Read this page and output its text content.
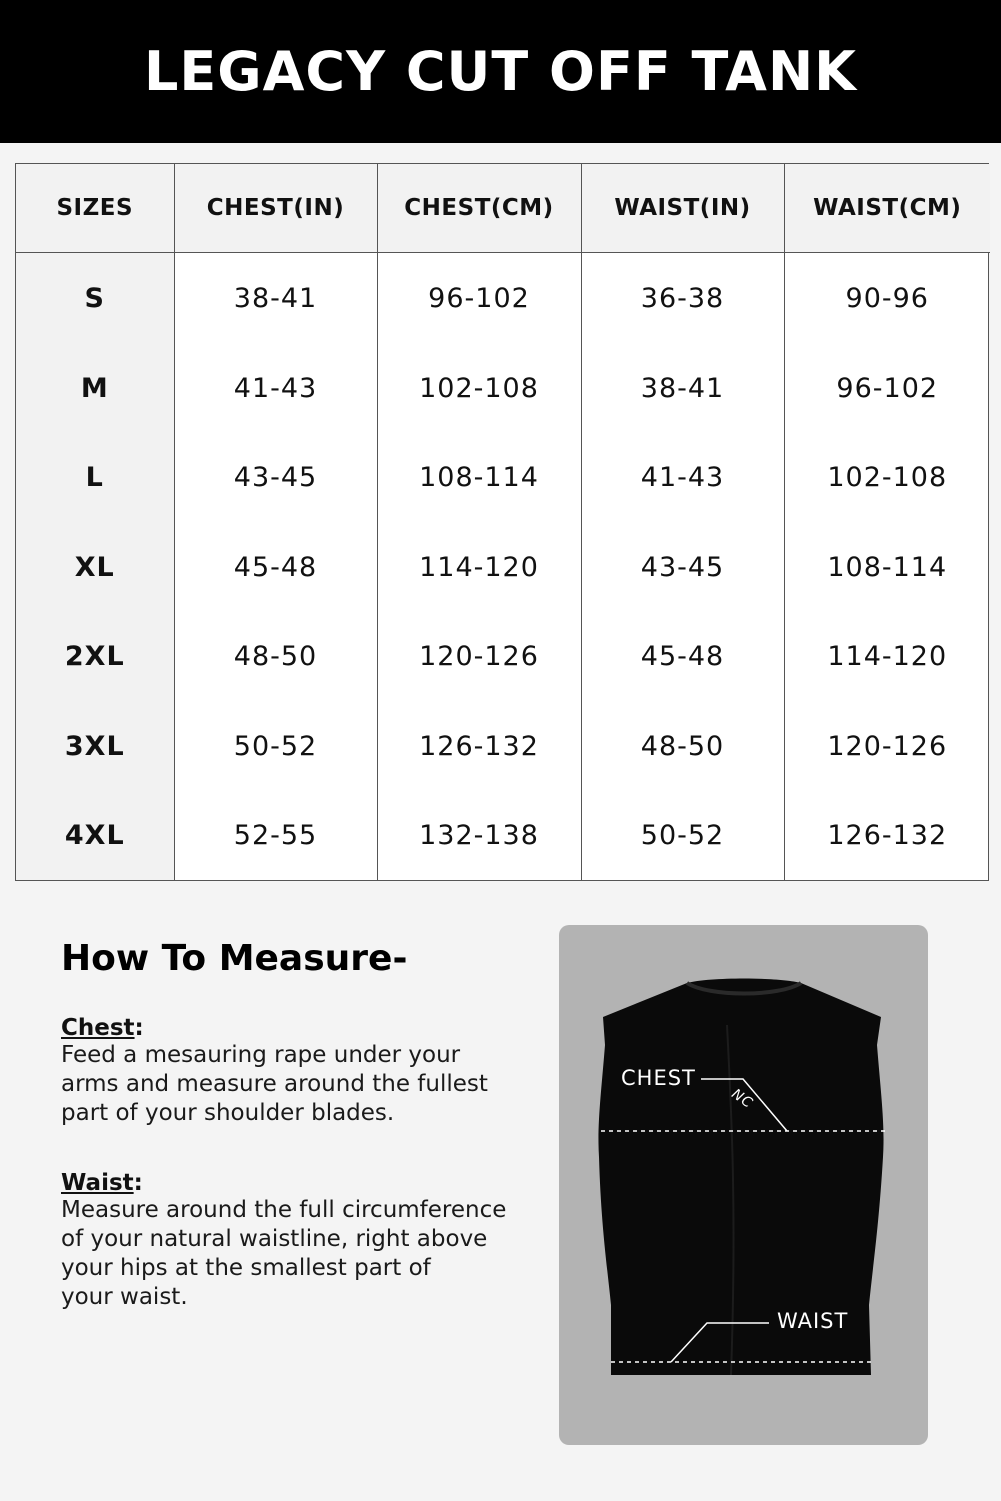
LEGACY CUT OFF TANK
SIZES	CHEST(IN)	CHEST(CM)	WAIST(IN)	WAIST(CM)
S	38-41	96-102	36-38	90-96
M	41-43	102-108	38-41	96-102
L	43-45	108-114	41-43	102-108
XL	45-48	114-120	43-45	108-114
2XL	48-50	120-126	45-48	114-120
3XL	50-52	126-132	48-50	120-126
4XL	52-55	132-138	50-52	126-132
How To Measure-

Chest:

Feed a mesauring rape under your

arms and measure around the fullest

part of your shoulder blades.

Waist:

Measure around the full circumference

of your natural waistline, right above

your hips at the smallest part of

your waist.

CHEST
WAIST
NC
